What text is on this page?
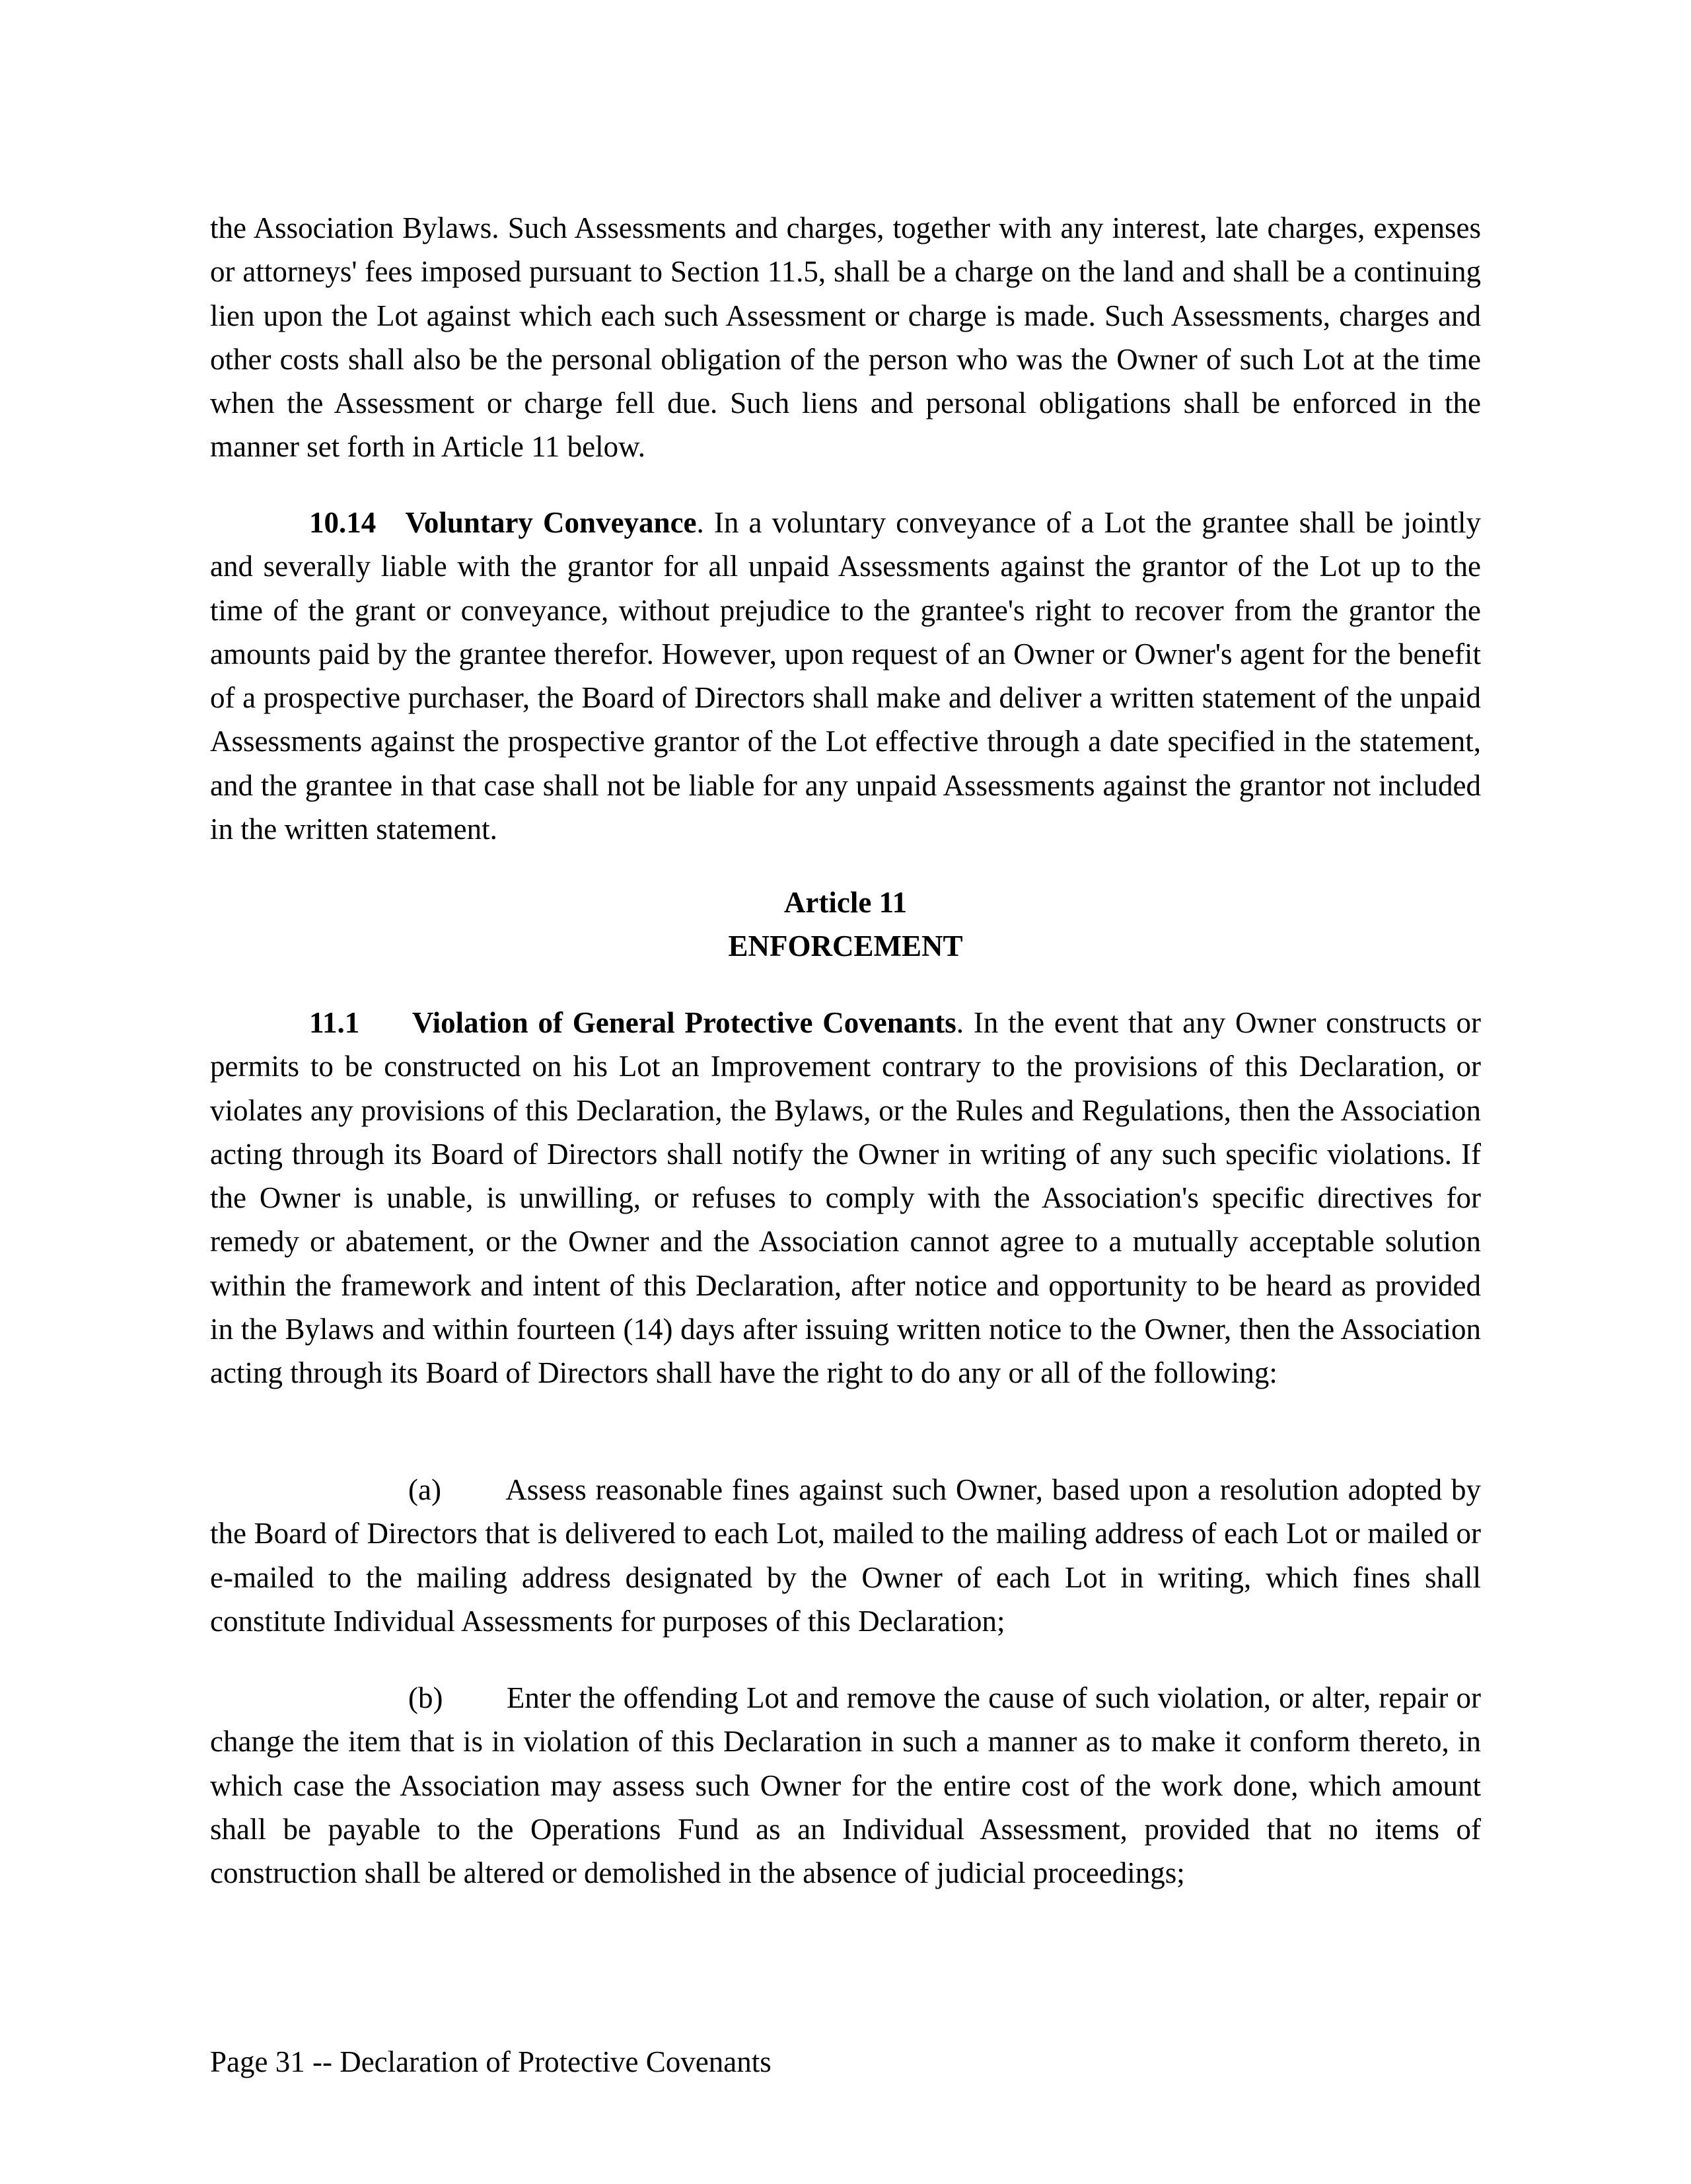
the Association Bylaws. Such Assessments and charges, together with any interest, late charges, expenses or attorneys' fees imposed pursuant to Section 11.5, shall be a charge on the land and shall be a continuing lien upon the Lot against which each such Assessment or charge is made. Such Assessments, charges and other costs shall also be the personal obligation of the person who was the Owner of such Lot at the time when the Assessment or charge fell due. Such liens and personal obligations shall be enforced in the manner set forth in Article 11 below.

10.14 Voluntary Conveyance. In a voluntary conveyance of a Lot the grantee shall be jointly and severally liable with the grantor for all unpaid Assessments against the grantor of the Lot up to the time of the grant or conveyance, without prejudice to the grantee's right to recover from the grantor the amounts paid by the grantee therefor. However, upon request of an Owner or Owner's agent for the benefit of a prospective purchaser, the Board of Directors shall make and deliver a written statement of the unpaid Assessments against the prospective grantor of the Lot effective through a date specified in the statement, and the grantee in that case shall not be liable for any unpaid Assessments against the grantor not included in the written statement.

Article 11
ENFORCEMENT

11.1 Violation of General Protective Covenants. In the event that any Owner constructs or permits to be constructed on his Lot an Improvement contrary to the provisions of this Declaration, or violates any provisions of this Declaration, the Bylaws, or the Rules and Regulations, then the Association acting through its Board of Directors shall notify the Owner in writing of any such specific violations. If the Owner is unable, is unwilling, or refuses to comply with the Association's specific directives for remedy or abatement, or the Owner and the Association cannot agree to a mutually acceptable solution within the framework and intent of this Declaration, after notice and opportunity to be heard as provided in the Bylaws and within fourteen (14) days after issuing written notice to the Owner, then the Association acting through its Board of Directors shall have the right to do any or all of the following:

(a) Assess reasonable fines against such Owner, based upon a resolution adopted by the Board of Directors that is delivered to each Lot, mailed to the mailing address of each Lot or mailed or e-mailed to the mailing address designated by the Owner of each Lot in writing, which fines shall constitute Individual Assessments for purposes of this Declaration;

(b) Enter the offending Lot and remove the cause of such violation, or alter, repair or change the item that is in violation of this Declaration in such a manner as to make it conform thereto, in which case the Association may assess such Owner for the entire cost of the work done, which amount shall be payable to the Operations Fund as an Individual Assessment, provided that no items of construction shall be altered or demolished in the absence of judicial proceedings;

Page 31 -- Declaration of Protective Covenants
